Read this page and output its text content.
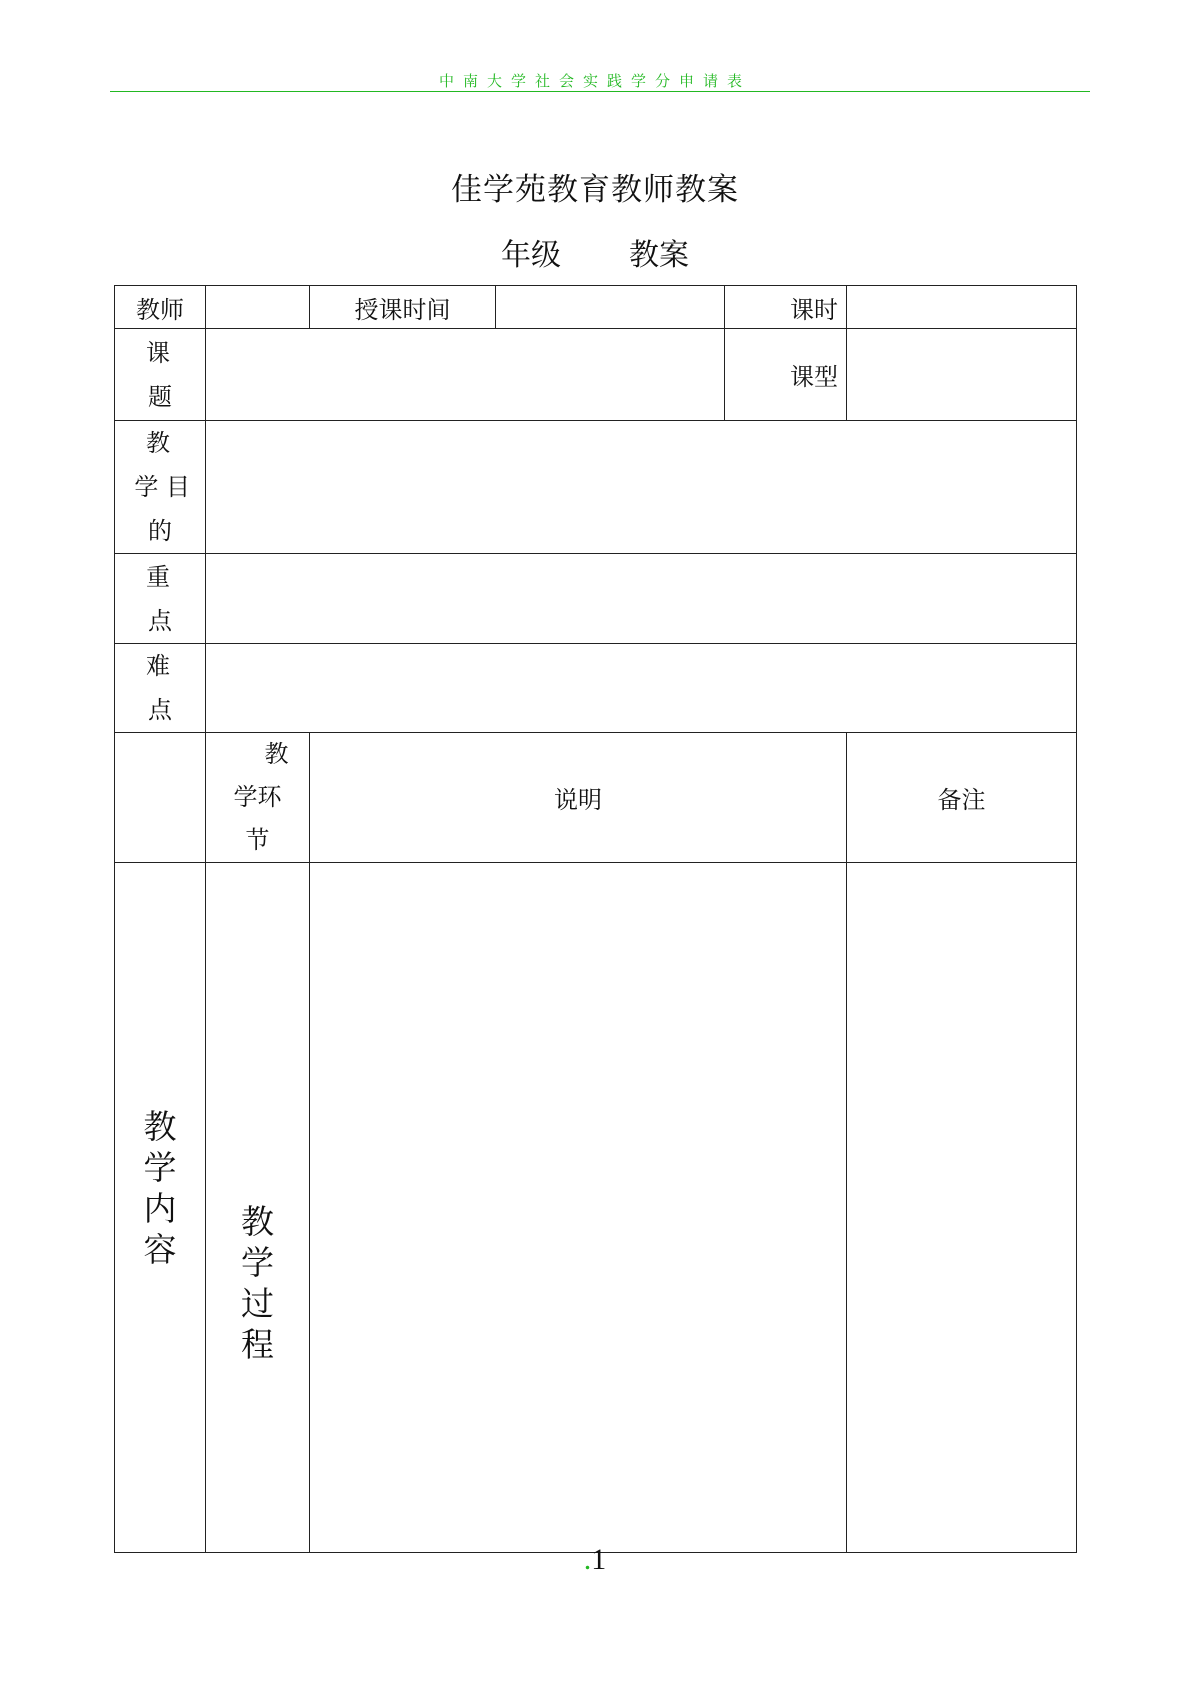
中南大学社会实践学分申请表
佳学苑教育教师教案
年级 教案
教师		授课时间		课时	

课
题				课型	

教
学 目
的					

重
点					

难
点					

	教
学环节	说明			备注

教学内容	教学过程				

.1
